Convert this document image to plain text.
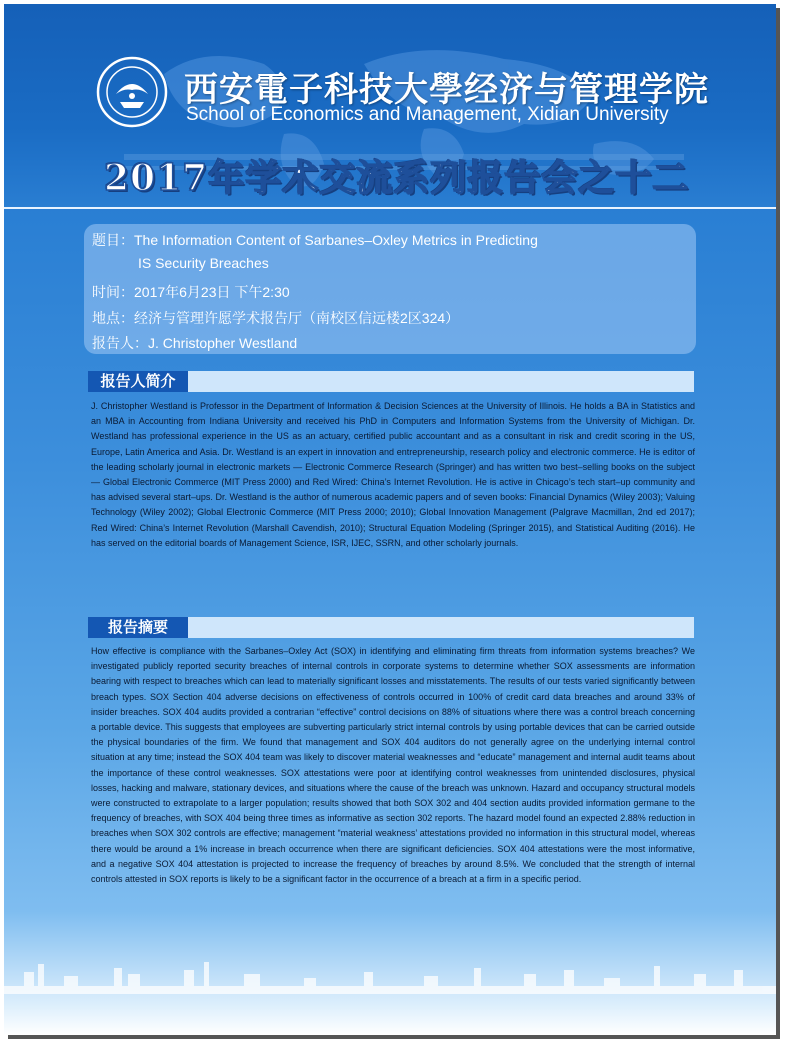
西安電子科技大學经济与管理学院
School of Economics and Management, Xidian University
2017年学术交流系列报告会之十二
题目：The Information Content of Sarbanes–Oxley Metrics in Predicting
IS Security Breaches
时间：2017年6月23日 下午2:30
地点：经济与管理许愿学术报告厅（南校区信远楼2区324）
报告人：J. Christopher Westland
报告人简介
J. Christopher Westland is Professor in the Department of Information & Decision Sciences at the University of Illinois. He holds a BA in Statistics and an MBA in Accounting from Indiana University and received his PhD in Computers and Information Systems from the University of Michigan. Dr. Westland has professional experience in the US as an actuary, certified public accountant and as a consultant in risk and credit scoring in the US, Europe, Latin America and Asia. Dr. Westland is an expert in innovation and entrepreneurship, research policy and electronic commerce. He is editor of the leading scholarly journal in electronic markets — Electronic Commerce Research (Springer) and has written two best–selling books on the subject — Global Electronic Commerce (MIT Press 2000) and Red Wired: China’s Internet Revolution. He is active in Chicago’s tech start–up community and has advised several start–ups. Dr. Westland is the author of numerous academic papers and of seven books: Financial Dynamics (Wiley 2003); Valuing Technology (Wiley 2002); Global Electronic Commerce (MIT Press 2000; 2010); Global Innovation Management (Palgrave Macmillan, 2nd ed 2017); Red Wired: China’s Internet Revolution (Marshall Cavendish, 2010); Structural Equation Modeling (Springer 2015), and Statistical Auditing (2016). He has served on the editorial boards of Management Science, ISR, IJEC, SSRN, and other scholarly journals.
报告摘要
How effective is compliance with the Sarbanes–Oxley Act (SOX) in identifying and eliminating firm threats from information systems breaches? We investigated publicly reported security breaches of internal controls in corporate systems to determine whether SOX assessments are information bearing with respect to breaches which can lead to materially significant losses and misstatements. The results of our tests varied significantly between breach types. SOX Section 404 adverse decisions on effectiveness of controls occurred in 100% of credit card data breaches and around 33% of insider breaches. SOX 404 audits provided a contrarian “effective” control decisions on 88% of situations where there was a control breach concerning a portable device. This suggests that employees are subverting particularly strict internal controls by using portable devices that can be carried outside the physical boundaries of the firm. We found that management and SOX 404 auditors do not generally agree on the underlying internal control situation at any time; instead the SOX 404 team was likely to discover material weaknesses and “educate” management and internal audit teams about the importance of these control weaknesses. SOX attestations were poor at identifying control weaknesses from unintended disclosures, physical losses, hacking and malware, stationary devices, and situations where the cause of the breach was unknown. Hazard and occupancy structural models were constructed to extrapolate to a larger population; results showed that both SOX 302 and 404 section audits provided information germane to the frequency of breaches, with SOX 404 being three times as informative as section 302 reports. The hazard model found an expected 2.88% reduction in breaches when SOX 302 controls are effective; management “material weakness’ attestations provided no information in this structural model, whereas there would be around a 1% increase in breach occurrence when there are significant deficiencies. SOX 404 attestations were the most informative, and a negative SOX 404 attestation is projected to increase the frequency of breaches by around 8.5%. We concluded that the strength of internal controls attested in SOX reports is likely to be a significant factor in the occurrence of a breach at a firm in a specific period.
